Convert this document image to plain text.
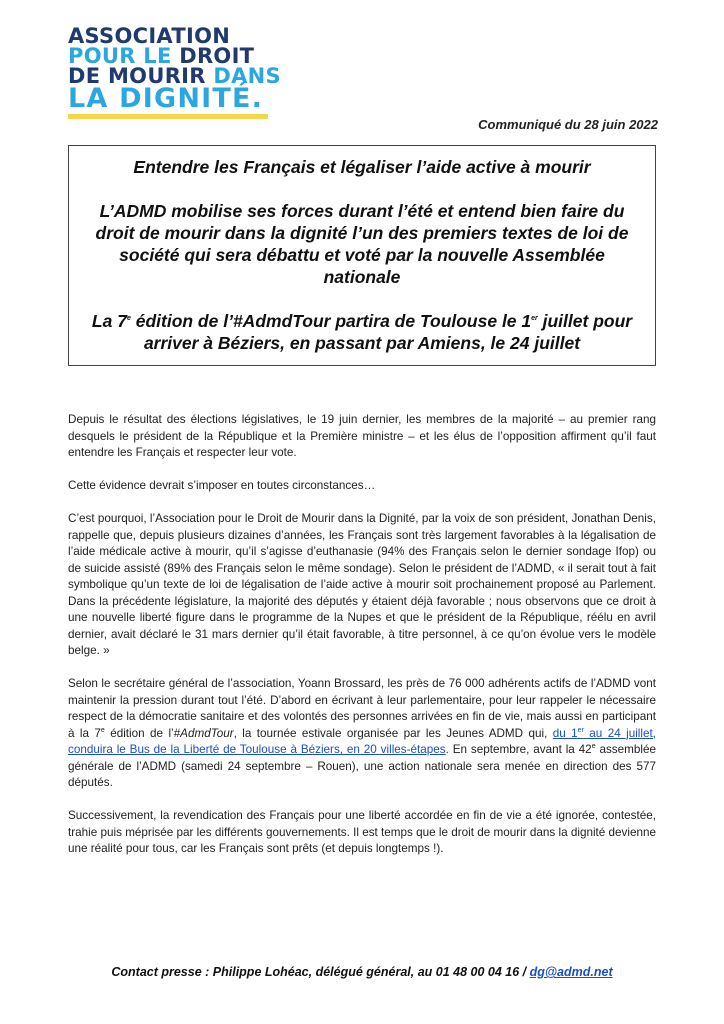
ASSOCIATION
POUR LE DROIT
DE MOURIR DANS
LA DIGNITÉ.
Communiqué du 28 juin 2022

Entendre les Français et légaliser l’aide active à mourir

L’ADMD mobilise ses forces durant l’été et entend bien faire du droit de mourir dans la dignité l’un des premiers textes de loi de société qui sera débattu et voté par la nouvelle Assemblée nationale

La 7e édition de l’#AdmdTour partira de Toulouse le 1er juillet pour arriver à Béziers, en passant par Amiens, le 24 juillet

Depuis le résultat des élections législatives, le 19 juin dernier, les membres de la majorité – au premier rang desquels le président de la République et la Première ministre – et les élus de l’opposition affirment qu’il faut entendre les Français et respecter leur vote.

Cette évidence devrait s’imposer en toutes circonstances…

C’est pourquoi, l’Association pour le Droit de Mourir dans la Dignité, par la voix de son président, Jonathan Denis, rappelle que, depuis plusieurs dizaines d’années, les Français sont très largement favorables à la légalisation de l’aide médicale active à mourir, qu’il s’agisse d’euthanasie (94% des Français selon le dernier sondage Ifop) ou de suicide assisté (89% des Français selon le même sondage). Selon le président de l’ADMD, « il serait tout à fait symbolique qu’un texte de loi de légalisation de l’aide active à mourir soit prochainement proposé au Parlement. Dans la précédente législature, la majorité des députés y étaient déjà favorable ; nous observons que ce droit à une nouvelle liberté figure dans le programme de la Nupes et que le président de la République, réélu en avril dernier, avait déclaré le 31 mars dernier qu’il était favorable, à titre personnel, à ce qu’on évolue vers le modèle belge. »

Selon le secrétaire général de l’association, Yoann Brossard, les près de 76 000 adhérents actifs de l’ADMD vont maintenir la pression durant tout l’été. D’abord en écrivant à leur parlementaire, pour leur rappeler le nécessaire respect de la démocratie sanitaire et des volontés des personnes arrivées en fin de vie, mais aussi en participant à la 7e édition de l’#AdmdTour, la tournée estivale organisée par les Jeunes ADMD qui, du 1er au 24 juillet, conduira le Bus de la Liberté de Toulouse à Béziers, en 20 villes-étapes. En septembre, avant la 42e assemblée générale de l’ADMD (samedi 24 septembre – Rouen), une action nationale sera menée en direction des 577 députés.

Successivement, la revendication des Français pour une liberté accordée en fin de vie a été ignorée, contestée, trahie puis méprisée par les différents gouvernements. Il est temps que le droit de mourir dans la dignité devienne une réalité pour tous, car les Français sont prêts (et depuis longtemps !).

Contact presse : Philippe Lohéac, délégué général, au 01 48 00 04 16 / dg@admd.net
